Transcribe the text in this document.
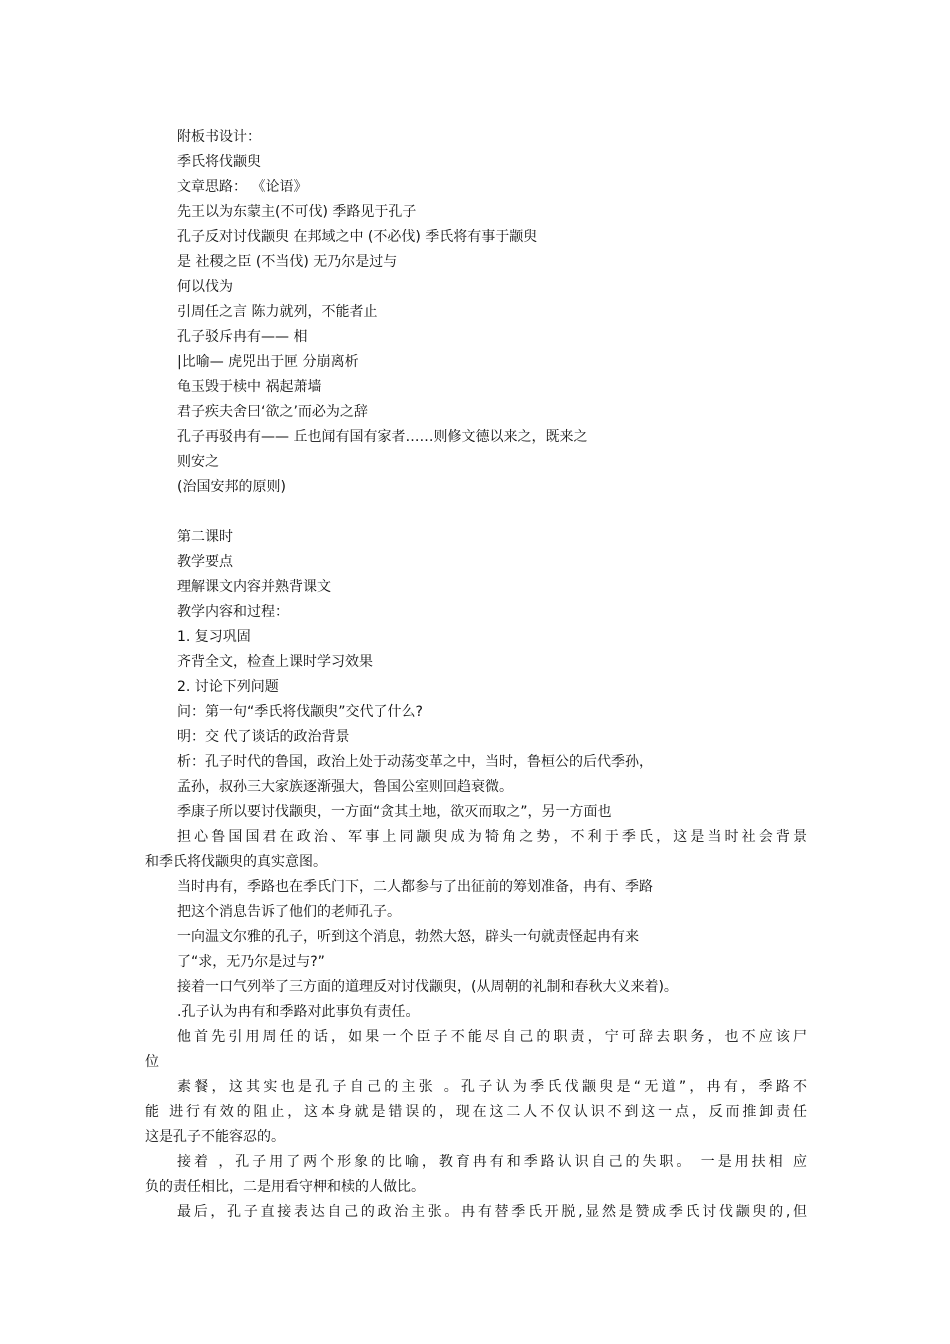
附板书设计：
季氏将伐颛臾
文章思路： 《论语》
先王以为东蒙主(不可伐) 季路见于孔子
孔子反对讨伐颛臾 在邦域之中 (不必伐) 季氏将有事于颛臾
是 社稷之臣 (不当伐) 无乃尔是过与
何以伐为
引周任之言 陈力就列，不能者止
孔子驳斥冉有—— 相
|比喻— 虎兕出于匣 分崩离析
龟玉毁于椟中 祸起萧墙
君子疾夫舍曰‘欲之’而必为之辞
孔子再驳冉有—— 丘也闻有国有家者……则修文德以来之，既来之
则安之
(治国安邦的原则)
第二课时
教学要点
理解课文内容并熟背课文
教学内容和过程：
1. 复习巩固
齐背全文，检查上课时学习效果
2. 讨论下列问题
问：第一句“季氏将伐颛臾”交代了什么?
明：交 代了谈话的政治背景
析：孔子时代的鲁国，政治上处于动荡变革之中，当时，鲁桓公的后代季孙，
孟孙，叔孙三大家族逐渐强大，鲁国公室则回趋衰微。
季康子所以要讨伐颛臾，一方面“贪其土地，欲灭而取之”，另一方面也
担心鲁国国君在政治、军事上同颛臾成为犄角之势，不利于季氏，这是当时社会背景
和季氏将伐颛臾的真实意图。
当时冉有，季路也在季氏门下，二人都参与了出征前的筹划准备，冉有、季路
把这个消息告诉了他们的老师孔子。
一向温文尔雅的孔子，听到这个消息，勃然大怒，辟头一句就责怪起冉有来
了“求，无乃尔是过与?”
接着一口气列举了三方面的道理反对讨伐颛臾，(从周朝的礼制和春秋大义来着)。
.孔子认为冉有和季路对此事负有责任。
他首先引用周任的话，如果一个臣子不能尽自己的职责，宁可辞去职务，也不应该尸
位
素餐，这其实也是孔子自己的主张 。孔子认为季氏伐颛臾是“无道”，冉有，季路不
能 进行有效的阻止，这本身就是错误的，现在这二人不仅认识不到这一点，反而推卸责任
这是孔子不能容忍的。
接着 ，孔子用了两个形象的比喻，教育冉有和季路认识自己的失职。 一是用扶相 应
负的责任相比，二是用看守柙和椟的人做比。
最后，孔子直接表达自己的政治主张。冉有替季氏开脱,显然是赞成季氏讨伐颛臾的,但
